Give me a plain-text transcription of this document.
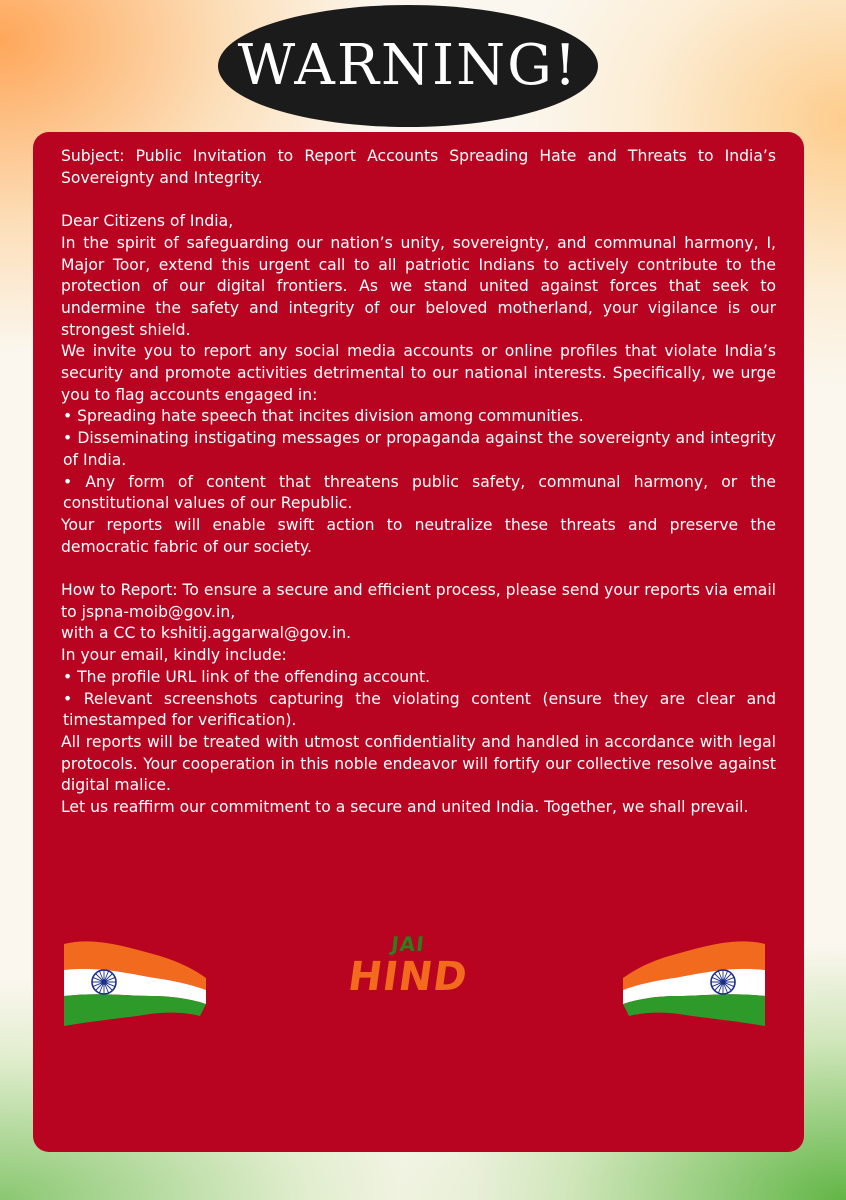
WARNING!

Subject: Public Invitation to Report Accounts Spreading Hate and Threats to India’s Sovereignty and Integrity.

Dear Citizens of India,

In the spirit of safeguarding our nation’s unity, sovereignty, and communal harmony, I, Major Toor, extend this urgent call to all patriotic Indians to actively contribute to the protection of our digital frontiers. As we stand united against forces that seek to undermine the safety and integrity of our beloved motherland, your vigilance is our strongest shield.

We invite you to report any social media accounts or online profiles that violate India’s security and promote activities detrimental to our national interests. Specifically, we urge you to flag accounts engaged in:

• Spreading hate speech that incites division among communities.

• Disseminating instigating messages or propaganda against the sovereignty and integrity of India.

• Any form of content that threatens public safety, communal harmony, or the constitutional values of our Republic.

Your reports will enable swift action to neutralize these threats and preserve the democratic fabric of our society.

How to Report: To ensure a secure and efficient process, please send your reports via email to jspna-moib@gov.in,

with a CC to kshitij.aggarwal@gov.in.

In your email, kindly include:

• The profile URL link of the offending account.

• Relevant screenshots capturing the violating content (ensure they are clear and timestamped for verification).

All reports will be treated with utmost confidentiality and handled in accordance with legal protocols. Your cooperation in this noble endeavor will fortify our collective resolve against digital malice.

Let us reaffirm our commitment to a secure and united India. Together, we shall prevail.

JAI
HIND
